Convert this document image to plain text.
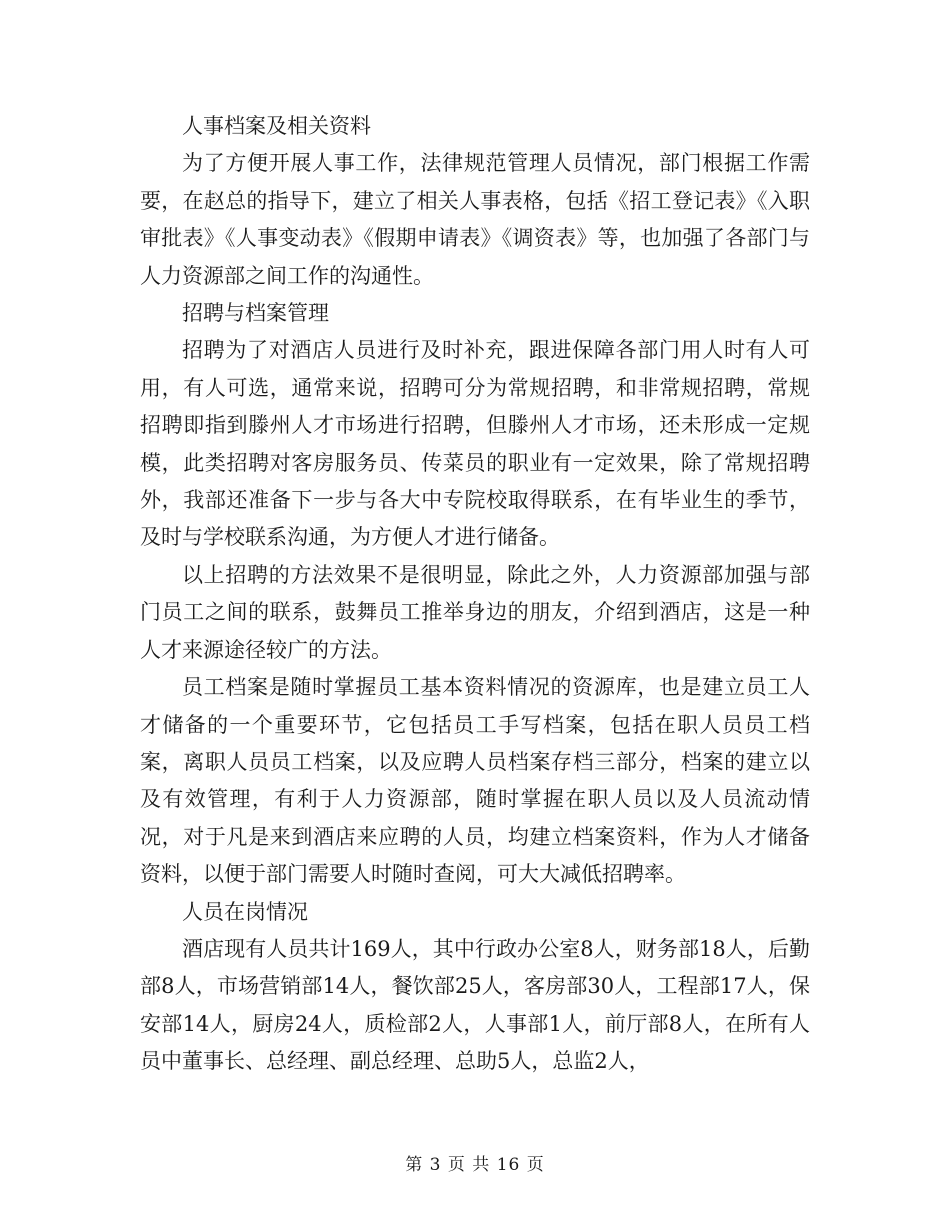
人事档案及相关资料

为了方便开展人事工作，法律规范管理人员情况，部门根据工作需要，在赵总的指导下，建立了相关人事表格，包括《招工登记表》《入职审批表》《人事变动表》《假期申请表》《调资表》等，也加强了各部门与人力资源部之间工作的沟通性。

招聘与档案管理

招聘为了对酒店人员进行及时补充，跟进保障各部门用人时有人可用，有人可选，通常来说，招聘可分为常规招聘，和非常规招聘，常规招聘即指到滕州人才市场进行招聘，但滕州人才市场，还未形成一定规模，此类招聘对客房服务员、传菜员的职业有一定效果，除了常规招聘外，我部还准备下一步与各大中专院校取得联系，在有毕业生的季节，及时与学校联系沟通，为方便人才进行储备。

以上招聘的方法效果不是很明显，除此之外，人力资源部加强与部门员工之间的联系，鼓舞员工推举身边的朋友，介绍到酒店，这是一种人才来源途径较广的方法。

员工档案是随时掌握员工基本资料情况的资源库，也是建立员工人才储备的一个重要环节，它包括员工手写档案，包括在职人员员工档案，离职人员员工档案，以及应聘人员档案存档三部分，档案的建立以及有效管理，有利于人力资源部，随时掌握在职人员以及人员流动情况，对于凡是来到酒店来应聘的人员，均建立档案资料，作为人才储备资料，以便于部门需要人时随时查阅，可大大减低招聘率。

人员在岗情况

酒店现有人员共计169人，其中行政办公室8人，财务部18人，后勤部8人，市场营销部14人，餐饮部25人，客房部30人，工程部17人，保安部14人，厨房24人，质检部2人，人事部1人，前厅部8人，在所有人员中董事长、总经理、副总经理、总助5人，总监2人，

第 3 页 共 16 页
